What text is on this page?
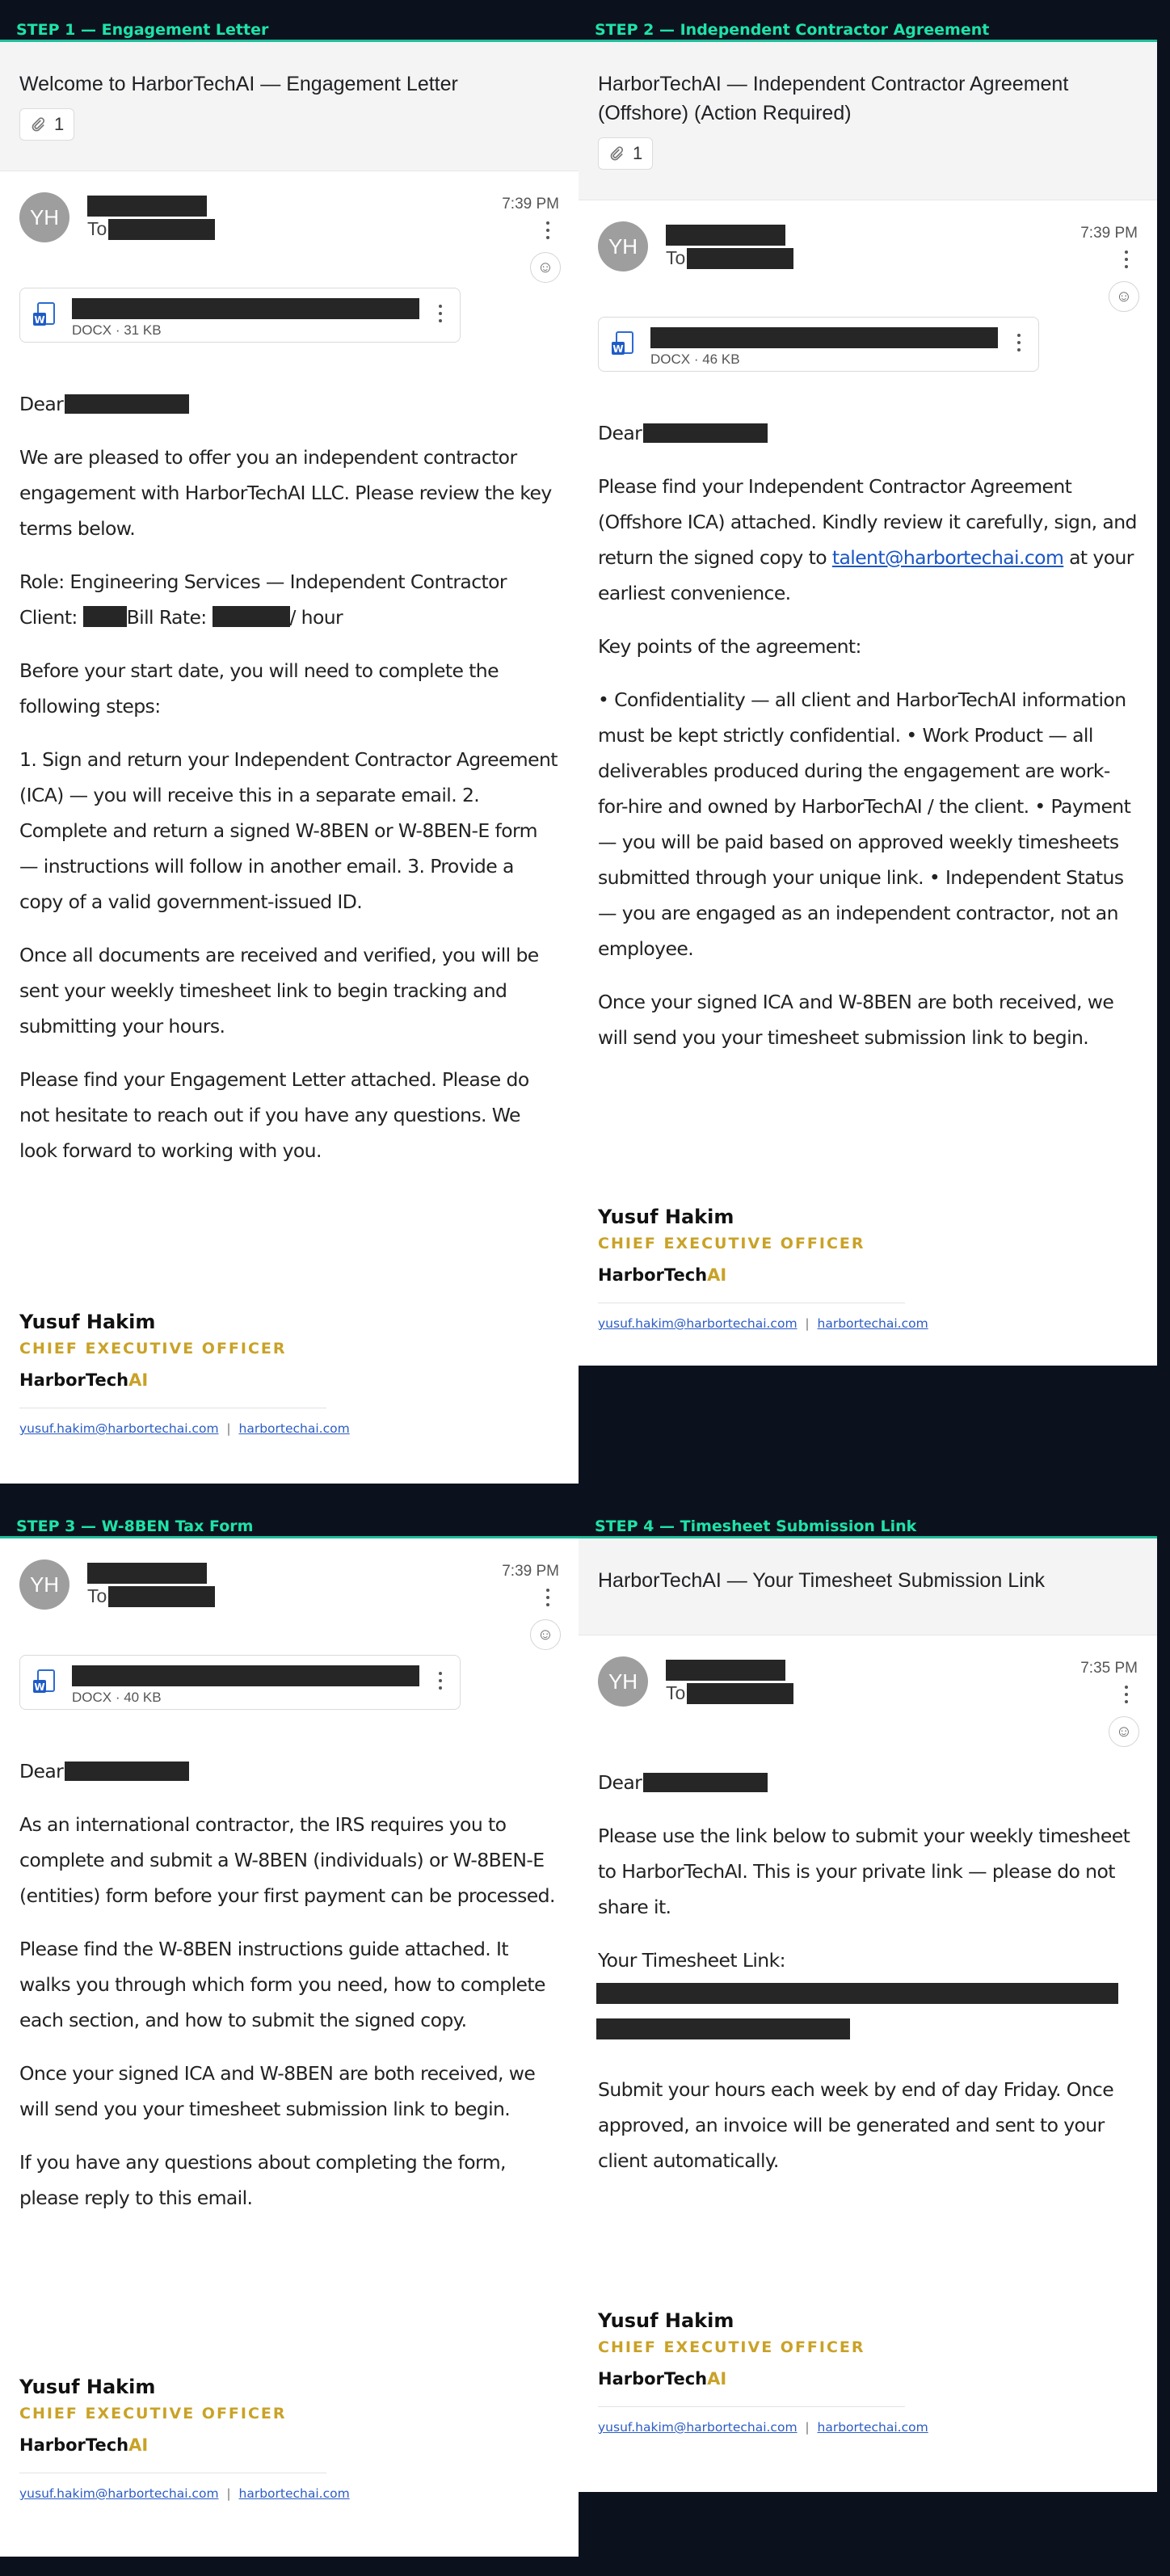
STEP 1 — Engagement Letter
Welcome to HarborTechAI — Engagement Letter
1
YH	To
7:39 PM
☺
W
DOCX · 31 KB

Dear

We are pleased to offer you an independent contractor engagement with HarborTechAI LLC. Please review the key terms below.

Role: Engineering Services — Independent Contractor
Client:	Bill Rate:	/ hour

Before your start date, you will need to complete the following steps:

1. Sign and return your Independent Contractor Agreement (ICA) — you will receive this in a separate email. 2. Complete and return a signed W-8BEN or W-8BEN-E form — instructions will follow in another email. 3. Provide a copy of a valid government-issued ID.

Once all documents are received and verified, you will be sent your weekly timesheet link to begin tracking and submitting your hours.

Please find your Engagement Letter attached. Please do not hesitate to reach out if you have any questions. We look forward to working with you.

Yusuf Hakim
CHIEF EXECUTIVE OFFICER
HarborTechAI
yusuf.hakim@harbortechai.com | harbortechai.com
STEP 2 — Independent Contractor Agreement
HarborTechAI — Independent Contractor Agreement (Offshore) (Action Required)
1
YH	To
7:39 PM
☺
W
DOCX · 46 KB

Dear

Please find your Independent Contractor Agreement (Offshore ICA) attached. Kindly review it carefully, sign, and return the signed copy to talent@harbortechai.com at your earliest convenience.

Key points of the agreement:

• Confidentiality — all client and HarborTechAI information must be kept strictly confidential. • Work Product — all deliverables produced during the engagement are work-for-hire and owned by HarborTechAI / the client. • Payment — you will be paid based on approved weekly timesheets submitted through your unique link. • Independent Status — you are engaged as an independent contractor, not an employee.

Once your signed ICA and W-8BEN are both received, we will send you your timesheet submission link to begin.

Yusuf Hakim
CHIEF EXECUTIVE OFFICER
HarborTechAI
yusuf.hakim@harbortechai.com | harbortechai.com
STEP 3 — W-8BEN Tax Form
YH	To
7:39 PM
☺
W
DOCX · 40 KB

Dear

As an international contractor, the IRS requires you to complete and submit a W-8BEN (individuals) or W-8BEN-E (entities) form before your first payment can be processed.

Please find the W-8BEN instructions guide attached. It walks you through which form you need, how to complete each section, and how to submit the signed copy.

Once your signed ICA and W-8BEN are both received, we will send you your timesheet submission link to begin.

If you have any questions about completing the form, please reply to this email.

Yusuf Hakim
CHIEF EXECUTIVE OFFICER
HarborTechAI
yusuf.hakim@harbortechai.com | harbortechai.com
STEP 4 — Timesheet Submission Link
HarborTechAI — Your Timesheet Submission Link
YH	To
7:35 PM
☺

Dear

Please use the link below to submit your weekly timesheet to HarborTechAI. This is your private link — please do not share it.

Your Timesheet Link:

Submit your hours each week by end of day Friday. Once approved, an invoice will be generated and sent to your client automatically.

Yusuf Hakim
CHIEF EXECUTIVE OFFICER
HarborTechAI
yusuf.hakim@harbortechai.com | harbortechai.com
